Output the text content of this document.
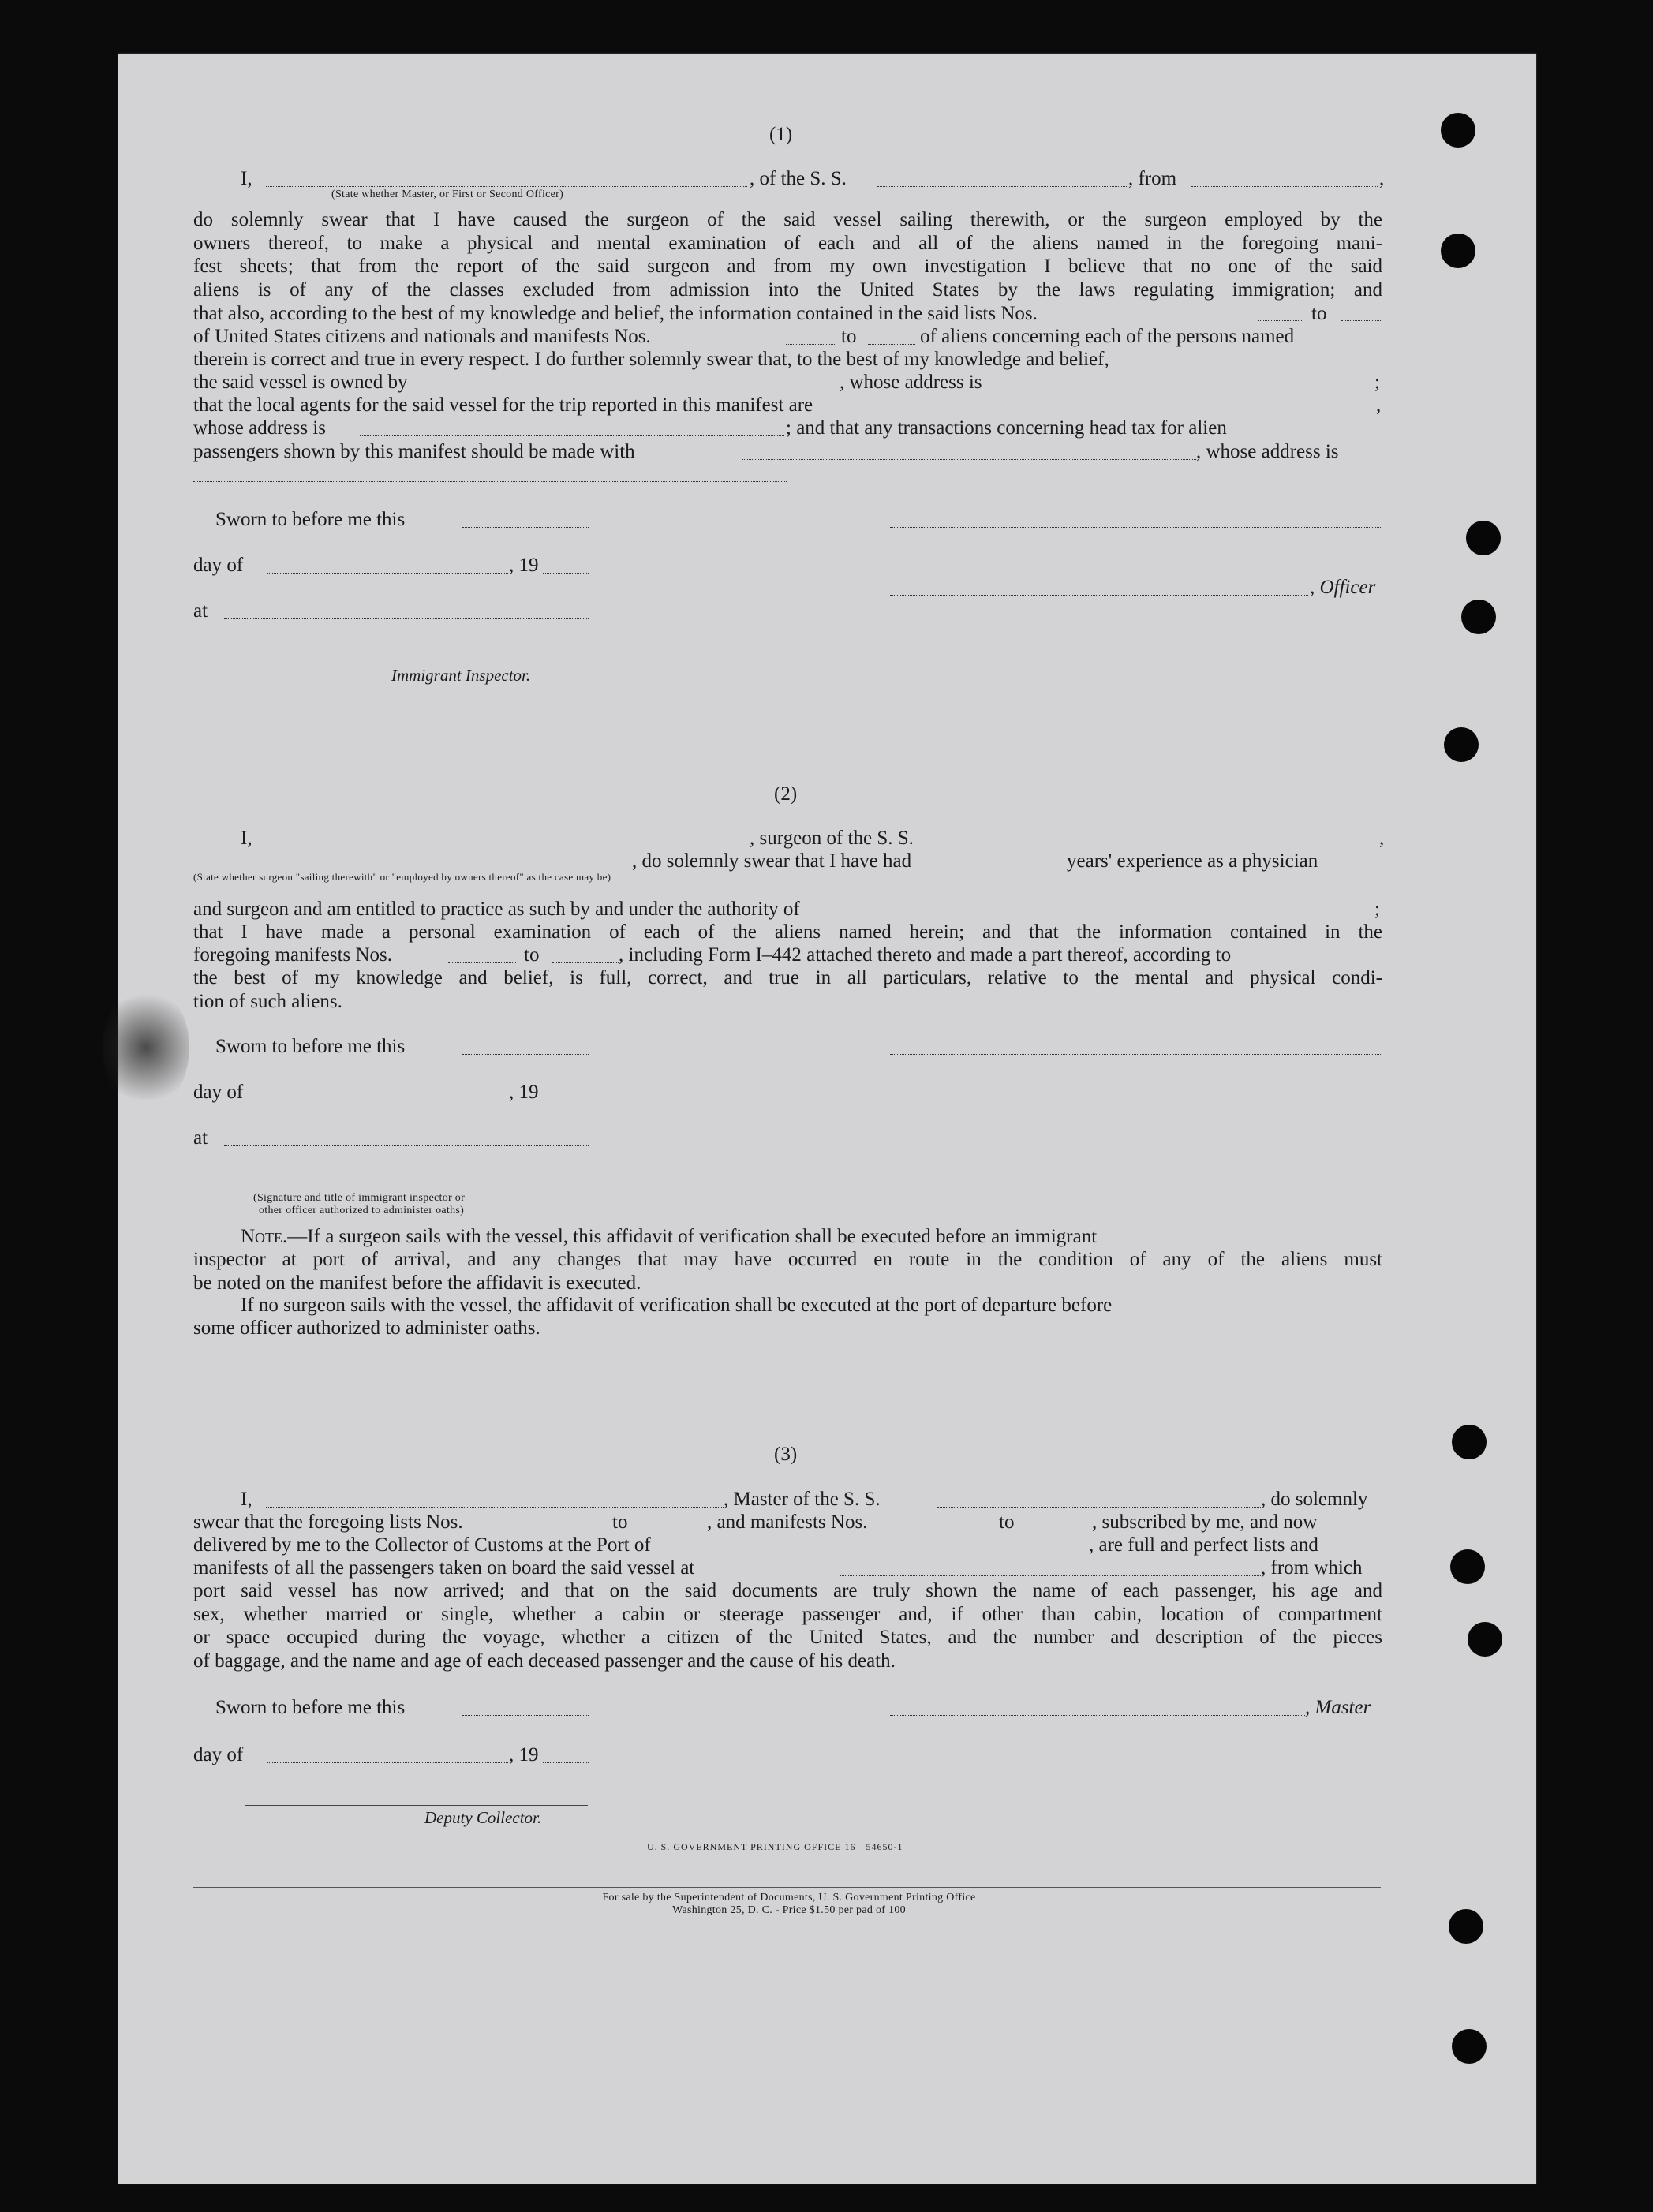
(1)
I,	, of the S. S.	, from	,
(State whether Master, or First or Second Officer)
do solemnly swear that I have caused the surgeon of the said vessel sailing therewith, or the surgeon employed by the
owners thereof, to make a physical and mental examination of each and all of the aliens named in the foregoing mani-
fest sheets; that from the report of the said surgeon and from my own investigation I believe that no one of the said
aliens is of any of the classes excluded from admission into the United States by the laws regulating immigration; and
that also, according to the best of my knowledge and belief, the information contained in the said lists Nos.	to
of United States citizens and nationals and manifests Nos.	to	of aliens concerning each of the persons named
therein is correct and true in every respect. I do further solemnly swear that, to the best of my knowledge and belief,
the said vessel is owned by	, whose address is	;
that the local agents for the said vessel for the trip reported in this manifest are	,
whose address is	; and that any transactions concerning head tax for alien
passengers shown by this manifest should be made with	, whose address is
Sworn to before me this
day of	, 19
, Officer
at
Immigrant Inspector.
(2)
I,	, surgeon of the S. S.	,
, do solemnly swear that I have had	years' experience as a physician
(State whether surgeon "sailing therewith" or "employed by owners thereof" as the case may be)
and surgeon and am entitled to practice as such by and under the authority of	;
that I have made a personal examination of each of the aliens named herein; and that the information contained in the
foregoing manifests Nos.	to	, including Form I–442 attached thereto and made a part thereof, according to
the best of my knowledge and belief, is full, correct, and true in all particulars, relative to the mental and physical condi-
tion of such aliens.
Sworn to before me this
day of	, 19
at
(Signature and title of immigrant inspector or
other officer authorized to administer oaths)
Note.—If a surgeon sails with the vessel, this affidavit of verification shall be executed before an immigrant
inspector at port of arrival, and any changes that may have occurred en route in the condition of any of the aliens must
be noted on the manifest before the affidavit is executed.
If no surgeon sails with the vessel, the affidavit of verification shall be executed at the port of departure before
some officer authorized to administer oaths.
(3)
I,	, Master of the S. S.	, do solemnly
swear that the foregoing lists Nos.	to	, and manifests Nos.	to	, subscribed by me, and now
delivered by me to the Collector of Customs at the Port of	, are full and perfect lists and
manifests of all the passengers taken on board the said vessel at	, from which
port said vessel has now arrived; and that on the said documents are truly shown the name of each passenger, his age and
sex, whether married or single, whether a cabin or steerage passenger and, if other than cabin, location of compartment
or space occupied during the voyage, whether a citizen of the United States, and the number and description of the pieces
of baggage, and the name and age of each deceased passenger and the cause of his death.
Sworn to before me this	, Master
day of	, 19
Deputy Collector.
U. S. GOVERNMENT PRINTING OFFICE 16—54650-1
For sale by the Superintendent of Documents, U. S. Government Printing Office
Washington 25, D. C. - Price $1.50 per pad of 100
